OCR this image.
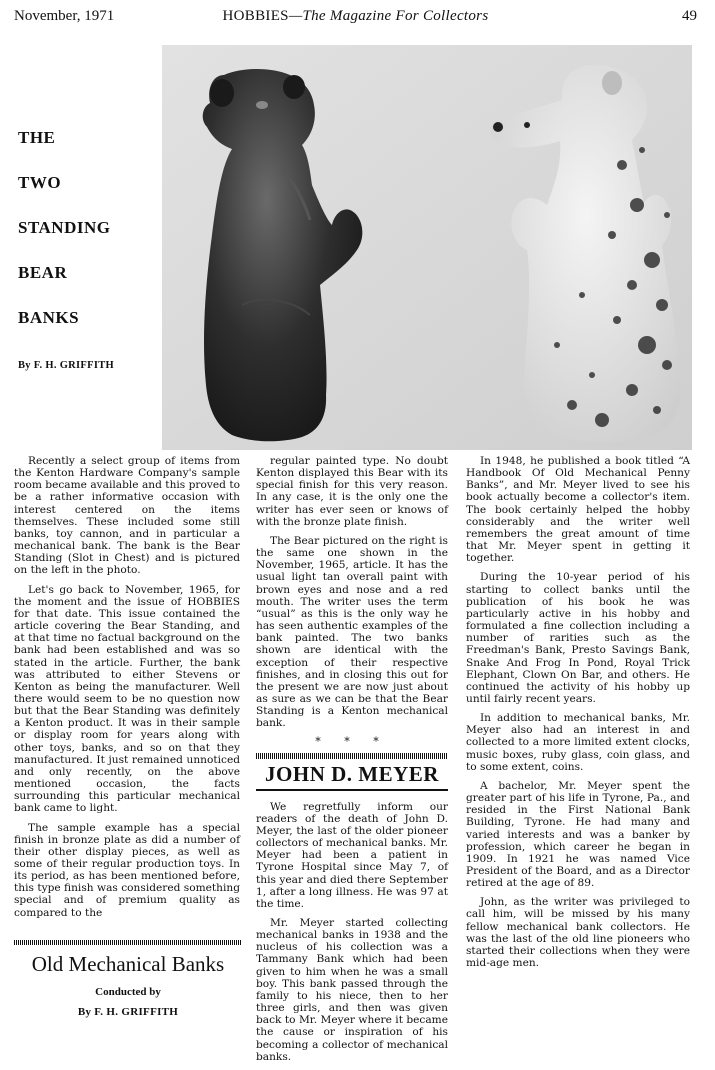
November, 1971	HOBBIES—The Magazine For Collectors	49
THE
TWO
STANDING
BEAR
BANKS
By F. H. GRIFFITH

Recently a select group of items from the Kenton Hardware Company's sample room became available and this proved to be a rather informative occasion with interest centered on the items themselves. These included some still banks, toy cannon, and in particular a mechanical bank. The bank is the Bear Standing (Slot in Chest) and is pictured on the left in the photo.

Let's go back to November, 1965, for the moment and the issue of HOBBIES for that date. This issue contained the article covering the Bear Standing, and at that time no factual background on the bank had been established and was so stated in the article. Further, the bank was attributed to either Stevens or Kenton as being the manufacturer. Well there would seem to be no question now but that the Bear Standing was definitely a Kenton product. It was in their sample or display room for years along with other toys, banks, and so on that they manufactured. It just remained unnoticed and only recently, on the above mentioned occasion, the facts surrounding this particular mechanical bank came to light.

The sample example has a special finish in bronze plate as did a number of their other display pieces, as well as some of their regular production toys. In its period, as has been mentioned before, this type finish was considered something special and of premium quality as compared to the

regular painted type. No doubt Kenton displayed this Bear with its special finish for this very reason. In any case, it is the only one the writer has ever seen or knows of with the bronze plate finish.

The Bear pictured on the right is the same one shown in the November, 1965, article. It has the usual light tan overall paint with brown eyes and nose and a red mouth. The writer uses the term “usual” as this is the only way he has seen authentic examples of the bank painted. The two banks shown are identical with the exception of their respective finishes, and in closing this out for the present we are now just about as sure as we can be that the Bear Standing is a Kenton mechanical bank.

* * *
JOHN D. MEYER

We regretfully inform our readers of the death of John D. Meyer, the last of the older pioneer collectors of mechanical banks. Mr. Meyer had been a patient in Tyrone Hospital since May 7, of this year and died there September 1, after a long illness. He was 97 at the time.

Mr. Meyer started collecting mechanical banks in 1938 and the nucleus of his collection was a Tammany Bank which had been given to him when he was a small boy. This bank passed through the family to his niece, then to her three girls, and then was given back to Mr. Meyer where it became the cause or inspiration of his becoming a collector of mechanical banks.

In 1948, he published a book titled “A Handbook Of Old Mechanical Penny Banks”, and Mr. Meyer lived to see his book actually become a collector's item. The book certainly helped the hobby considerably and the writer well remembers the great amount of time that Mr. Meyer spent in getting it together.

During the 10-year period of his starting to collect banks until the publication of his book he was particularly active in his hobby and formulated a fine collection including a number of rarities such as the Freedman's Bank, Presto Savings Bank, Snake And Frog In Pond, Royal Trick Elephant, Clown On Bar, and others. He continued the activity of his hobby up until fairly recent years.

In addition to mechanical banks, Mr. Meyer also had an interest in and collected to a more limited extent clocks, music boxes, ruby glass, coin glass, and to some extent, coins.

A bachelor, Mr. Meyer spent the greater part of his life in Tyrone, Pa., and resided in the First National Bank Building, Tyrone. He had many and varied interests and was a banker by profession, which career he began in 1909. In 1921 he was named Vice President of the Board, and as a Director retired at the age of 89.

John, as the writer was privileged to call him, will be missed by his many fellow mechanical bank collectors. He was the last of the old line pioneers who started their collections when they were mid-age men.

Old Mechanical Banks
Conducted by
By F. H. GRIFFITH
